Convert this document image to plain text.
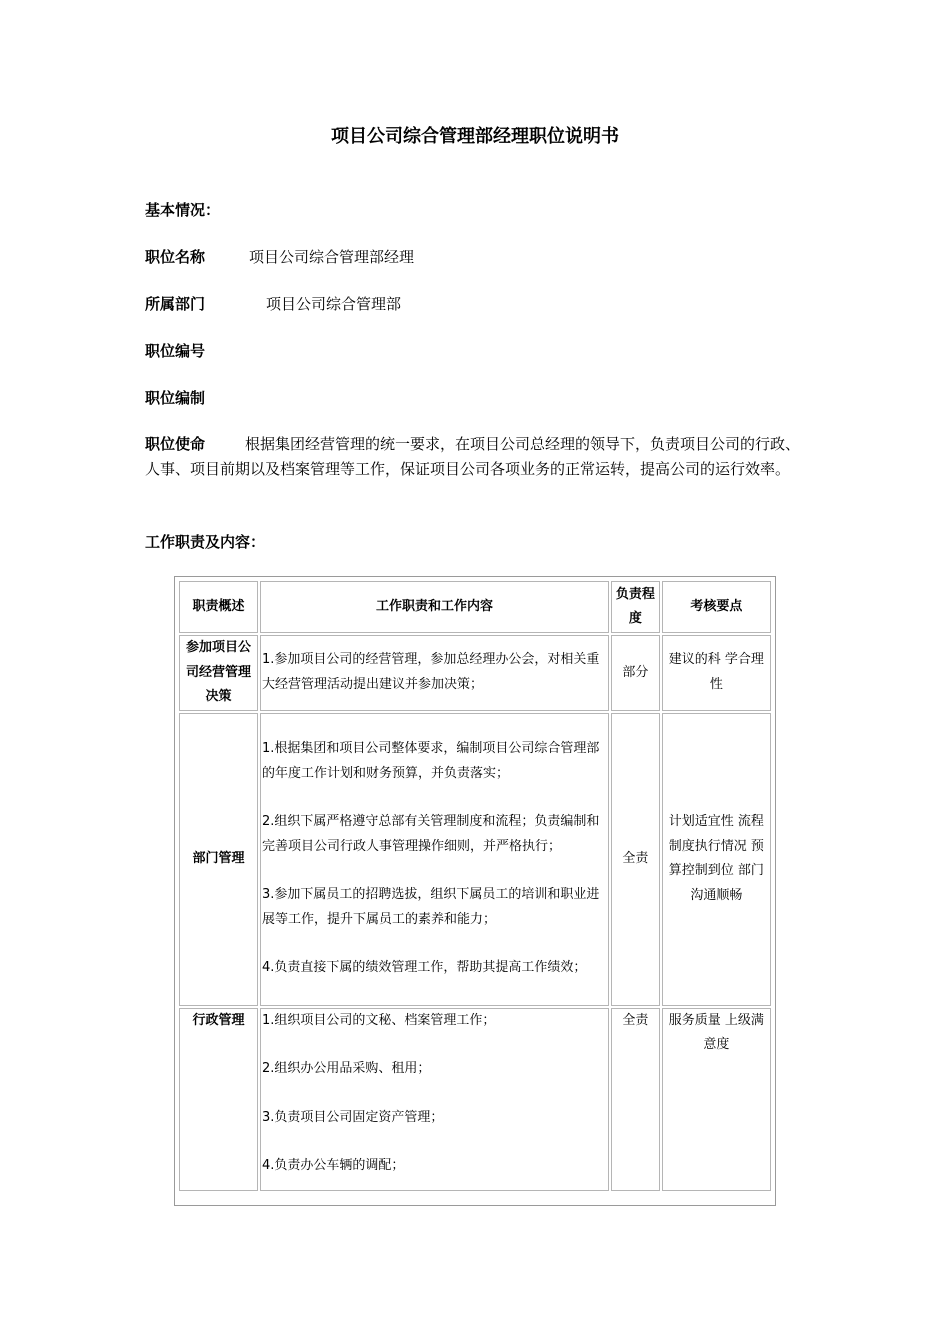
项目公司综合管理部经理职位说明书
基本情况：
职位名称	项目公司综合管理部经理
所属部门	项目公司综合管理部
职位编号
职位编制
职位使命	根据集团经营管理的统一要求，在项目公司总经理的领导下，负责项目公司的行政、人事、项目前期以及档案管理等工作，保证项目公司各项业务的正常运转，提高公司的运行效率。
工作职责及内容：
职责概述	工作职责和工作内容	负责程度	考核要点
参加项目公司经营管理决策	1.参加项目公司的经营管理，参加总经理办公会，对相关重大经营管理活动提出建议并参加决策；	部分	建议的科 学合理性
部门管理	1.根据集团和项目公司整体要求，编制项目公司综合管理部的年度工作计划和财务预算，并负责落实；

2.组织下属严格遵守总部有关管理制度和流程；负责编制和完善项目公司行政人事管理操作细则，并严格执行；

3.参加下属员工的招聘选拔，组织下属员工的培训和职业进展等工作，提升下属员工的素养和能力；

4.负责直接下属的绩效管理工作，帮助其提高工作绩效；	全责	计划适宜性 流程制度执行情况 预算控制到位 部门沟通顺畅
行政管理	1.组织项目公司的文秘、档案管理工作；

2.组织办公用品采购、租用；

3.负责项目公司固定资产管理；

4.负责办公车辆的调配；	全责	服务质量 上级满意度
